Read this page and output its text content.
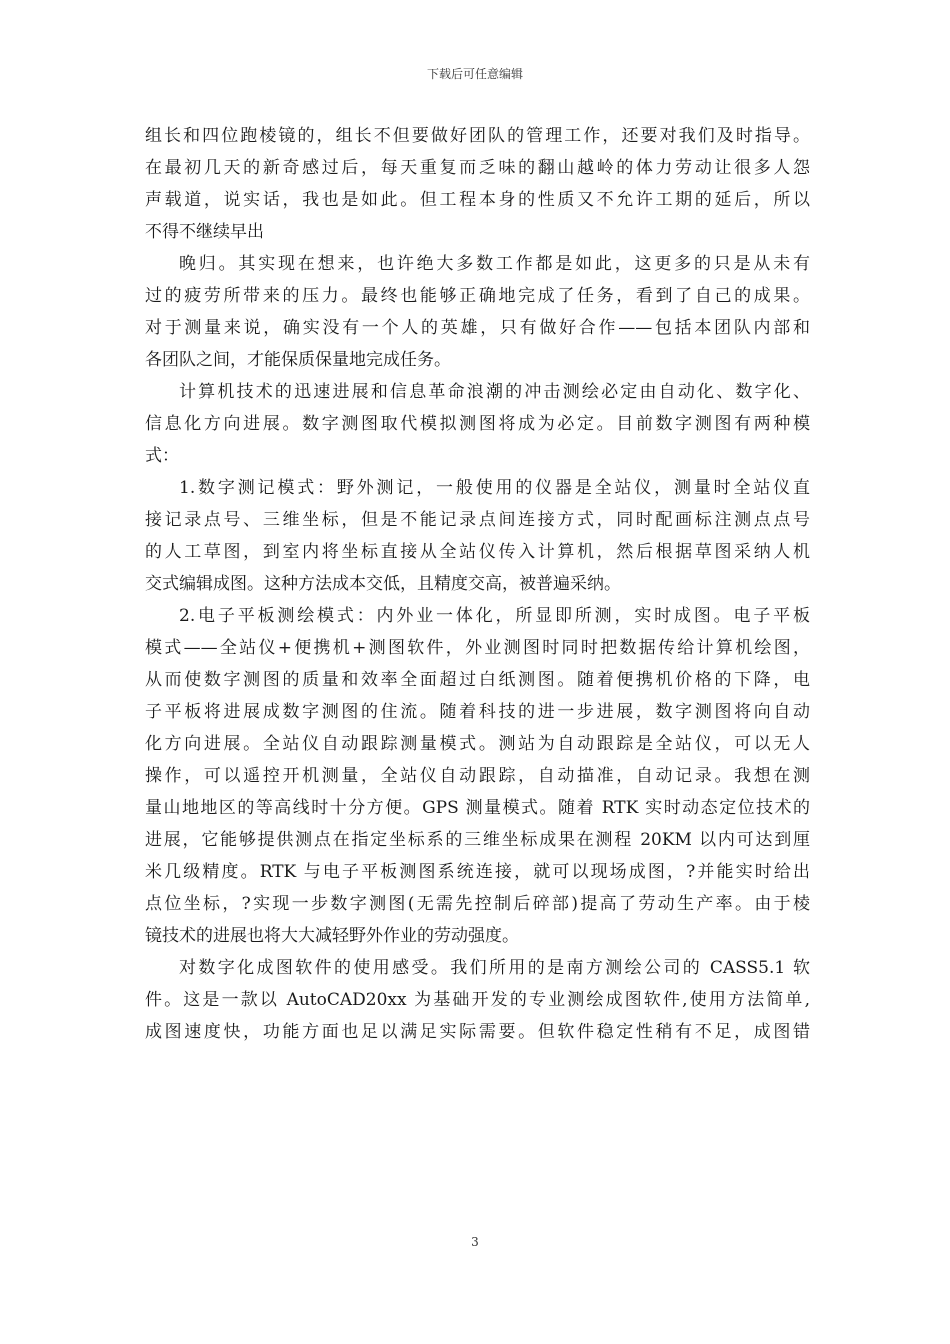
下载后可任意编辑
组长和四位跑棱镜的，组长不但要做好团队的管理工作，还要对我们及时指导。
在最初几天的新奇感过后，每天重复而乏味的翻山越岭的体力劳动让很多人怨
声载道，说实话，我也是如此。但工程本身的性质又不允许工期的延后，所以
不得不继续早出
晚归。其实现在想来，也许绝大多数工作都是如此，这更多的只是从未有
过的疲劳所带来的压力。最终也能够正确地完成了任务，看到了自己的成果。
对于测量来说，确实没有一个人的英雄，只有做好合作——包括本团队内部和
各团队之间，才能保质保量地完成任务。
计算机技术的迅速进展和信息革命浪潮的冲击测绘必定由自动化、数字化、
信息化方向进展。数字测图取代模拟测图将成为必定。目前数字测图有两种模
式：
1.数字测记模式：野外测记，一般使用的仪器是全站仪，测量时全站仪直
接记录点号、三维坐标，但是不能记录点间连接方式，同时配画标注测点点号
的人工草图，到室内将坐标直接从全站仪传入计算机，然后根据草图采纳人机
交式编辑成图。这种方法成本交低，且精度交高，被普遍采纳。
2.电子平板测绘模式：内外业一体化，所显即所测，实时成图。电子平板
模式——全站仪+便携机+测图软件，外业测图时同时把数据传给计算机绘图，
从而使数字测图的质量和效率全面超过白纸测图。随着便携机价格的下降，电
子平板将进展成数字测图的住流。随着科技的进一步进展，数字测图将向自动
化方向进展。全站仪自动跟踪测量模式。测站为自动跟踪是全站仪，可以无人
操作，可以遥控开机测量，全站仪自动跟踪，自动描准，自动记录。我想在测
量山地地区的等高线时十分方便。GPS 测量模式。随着 RTK 实时动态定位技术的
进展，它能够提供测点在指定坐标系的三维坐标成果在测程 20KM 以内可达到厘
米几级精度。RTK 与电子平板测图系统连接，就可以现场成图，?并能实时给出
点位坐标，?实现一步数字测图(无需先控制后碎部)提高了劳动生产率。由于棱
镜技术的进展也将大大减轻野外作业的劳动强度。
对数字化成图软件的使用感受。我们所用的是南方测绘公司的 CASS5.1 软
件。这是一款以 AutoCAD20xx 为基础开发的专业测绘成图软件,使用方法简单,
成图速度快，功能方面也足以满足实际需要。但软件稳定性稍有不足，成图错
3
